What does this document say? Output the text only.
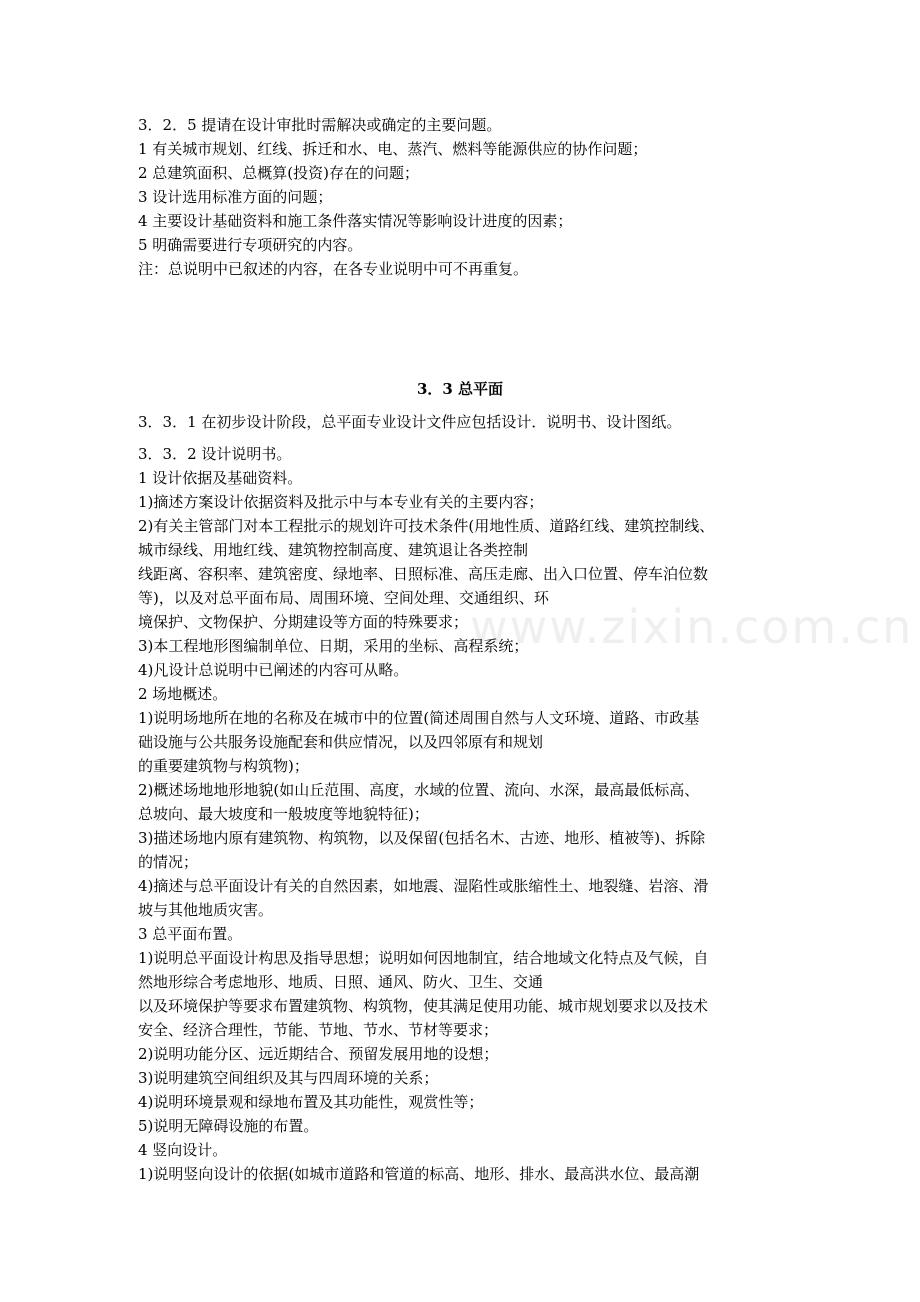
www.zixin.com.cn
3．2．5 提请在设计审批时需解决或确定的主要问题。
1 有关城市规划、红线、拆迁和水、电、蒸汽、燃料等能源供应的协作问题；
2 总建筑面积、总概算(投资)存在的问题；
3 设计选用标准方面的问题；
4 主要设计基础资料和施工条件落实情况等影响设计进度的因素；
5 明确需要进行专项研究的内容。
注：总说明中已叙述的内容，在各专业说明中可不再重复。
3．3 总平面
3．3．1 在初步设计阶段，总平面专业设计文件应包括设计．说明书、设计图纸。
3．3．2 设计说明书。
1 设计依据及基础资料。
1)摘述方案设计依据资料及批示中与本专业有关的主要内容；
2)有关主管部门对本工程批示的规划许可技术条件(用地性质、道路红线、建筑控制线、
城市绿线、用地红线、建筑物控制高度、建筑退让各类控制
线距离、容积率、建筑密度、绿地率、日照标准、高压走廊、出入口位置、停车泊位数
等)，以及对总平面布局、周围环境、空间处理、交通组织、环
境保护、文物保护、分期建设等方面的特殊要求；
3)本工程地形图编制单位、日期，采用的坐标、高程系统；
4)凡设计总说明中已阐述的内容可从略。
2 场地概述。
1)说明场地所在地的名称及在城市中的位置(简述周围自然与人文环境、道路、市政基
础设施与公共服务设施配套和供应情况，以及四邻原有和规划
的重要建筑物与构筑物)；
2)概述场地地形地貌(如山丘范围、高度，水域的位置、流向、水深，最高最低标高、
总坡向、最大坡度和一般坡度等地貌特征)；
3)描述场地内原有建筑物、构筑物，以及保留(包括名木、古迹、地形、植被等)、拆除
的情况；
4)摘述与总平面设计有关的自然因素，如地震、湿陷性或胀缩性土、地裂缝、岩溶、滑
坡与其他地质灾害。
3 总平面布置。
1)说明总平面设计构思及指导思想；说明如何因地制宜，结合地域文化特点及气候，自
然地形综合考虑地形、地质、日照、通风、防火、卫生、交通
以及环境保护等要求布置建筑物、构筑物，使其满足使用功能、城市规划要求以及技术
安全、经济合理性，节能、节地、节水、节材等要求；
2)说明功能分区、远近期结合、预留发展用地的设想；
3)说明建筑空间组织及其与四周环境的关系；
4)说明环境景观和绿地布置及其功能性，观赏性等；
5)说明无障碍设施的布置。
4 竖向设计。
1)说明竖向设计的依据(如城市道路和管道的标高、地形、排水、最高洪水位、最高潮
